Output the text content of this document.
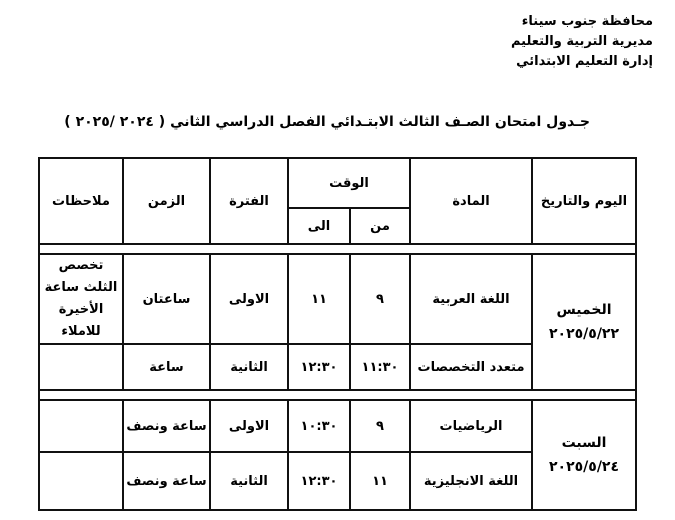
محافظة جنوب سيناء
مديرية التربية والتعليم
إدارة التعليم الابتدائي
جـدول امتحان الصـف الثالث الابتـدائي الفصل الدراسي الثاني ( ٢٠٢٤ /٢٠٢٥ )
اليوم والتاريخ	المادة	الوقت		الفترة	الزمن	ملاحظات
		من	الى			

الخميس
٢٠٢٥/٥/٢٢	اللغة العربية	٩	١١	الاولى	ساعتان	تخصص الثلث ساعة الأخيرة للاملاء
	متعدد التخصصات	١١:٣٠	١٢:٣٠	الثانية	ساعة	

السبت
٢٠٢٥/٥/٢٤	الرياضيات	٩	١٠:٣٠	الاولى	ساعة ونصف	
	اللغة الانجليزية	١١	١٢:٣٠	الثانية	ساعة ونصف	
